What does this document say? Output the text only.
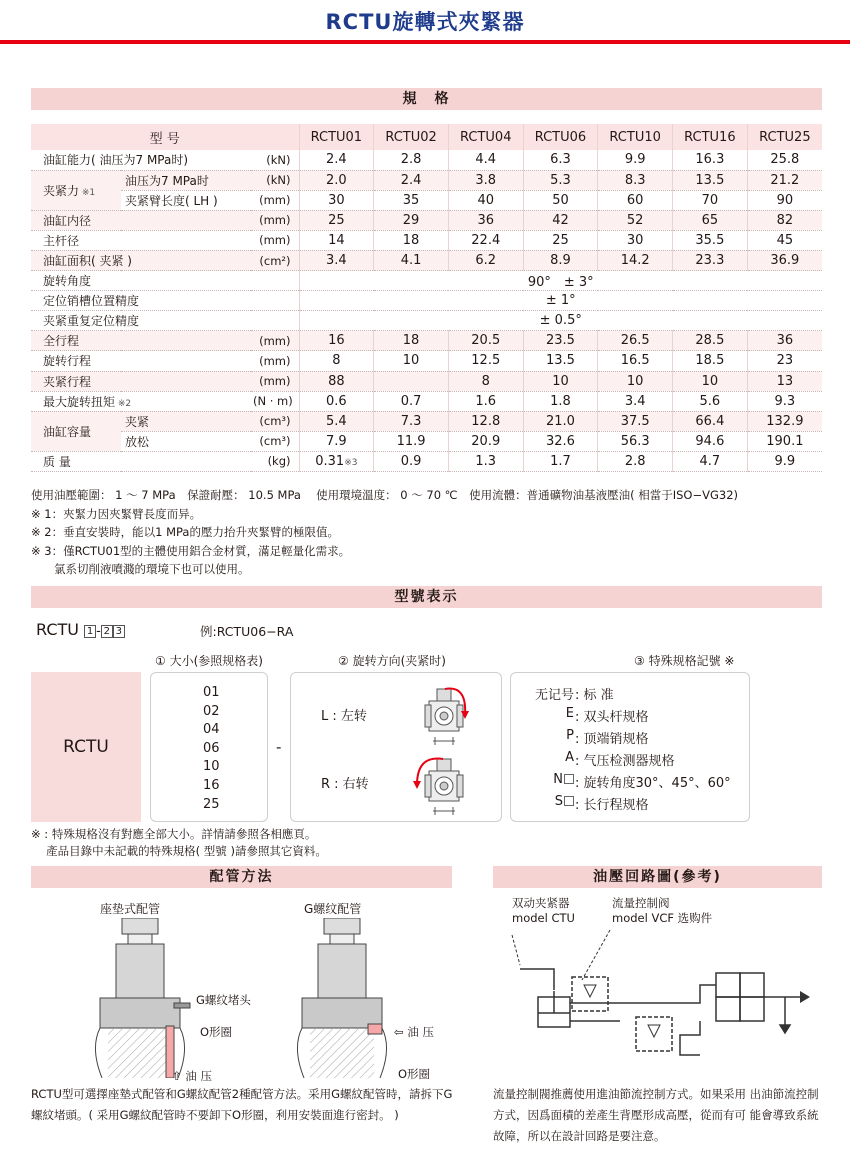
RCTU旋轉式夾緊器
規　格
型 号			RCTU01	RCTU02	RCTU04	RCTU06	RCTU10	RCTU16	RCTU25
油缸能力( 油压为7 MPa时)		(kN)	2.4	2.8	4.4	6.3	9.9	16.3	25.8
夹紧力 ※1	油压为7 MPa时	(kN)	2.0	2.4	3.8	5.3	8.3	13.5	21.2
	夹紧臂长度( LH )	(mm)	30	35	40	50	60	70	90
油缸内径		(mm)	25	29	36	42	52	65	82
主杆径		(mm)	14	18	22.4	25	30	35.5	45
油缸面积( 夹紧 )		(cm²)	3.4	4.1	6.2	8.9	14.2	23.3	36.9
旋转角度			90°　± 3°						
定位销槽位置精度			± 1°						
夹紧重复定位精度			± 0.5°						
全行程		(mm)	16	18	20.5	23.5	26.5	28.5	36
旋转行程		(mm)	8	10	12.5	13.5	16.5	18.5	23
夹紧行程		(mm)	88		8	10	10	10	13
最大旋转扭矩 ※2		(N · m)	0.6	0.7	1.6	1.8	3.4	5.6	9.3
油缸容量	夹紧	(cm³)	5.4	7.3	12.8	21.0	37.5	66.4	132.9
	放松	(cm³)	7.9	11.9	20.9	32.6	56.3	94.6	190.1
质 量		(kg)	0.31※3	0.9	1.3	1.7	2.8	4.7	9.9
使用油壓範圍： 1 ～ 7 MPa　保證耐壓： 10.5 MPa　 使用環境溫度： 0 ～ 70 ℃　使用流體：普通礦物油基液壓油( 相當于ISO−VG32)
※ 1：夾緊力因夾緊臂長度而异。
※ 2：垂直安裝時，能以1 MPa的壓力抬升夾緊臂的極限值。
※ 3：僅RCTU01型的主體使用鋁合金材質，滿足輕量化需求。
　　氯系切削液噴濺的環境下也可以使用。
型號表示
RCTU 1 - 2 3	例:RCTU06−RA
① 大小(参照规格表)	② 旋转方向(夹紧时)	③ 特殊规格記號 ※
RCTU
01
02
04
06
10
16
25
-
L : 左转
R : 右转
无记号 : 标 准
E : 双头杆规格
P : 顶端销规格
A : 气压检测器规格
N : 旋转角度30°、45°、60°
S : 长行程规格
※ : 特殊規格沒有對應全部大小。詳情請參照各相應頁。
　 產品目錄中未記載的特殊規格( 型號 )請參照其它資料。
配管方法	油壓回路圖(參考)
座垫式配管	G螺纹配管
G螺纹堵头
O形圈
⇧ 油 压
⇦ 油 压
O形圈
RCTU型可選擇座墊式配管和G螺紋配管2種配管方法。采用G螺紋配管時，請拆下G
螺紋堵頭。( 采用G螺紋配管時不要卸下O形圈，利用安裝面進行密封。 )
双动夹紧器
model CTU
流量控制阀
model VCF 选购件
流量控制閥推薦使用進油節流控制方式。如果采用 出油節流控制
方式，因爲面積的差產生背壓形成高壓，從而有可 能會導致系統
故障，所以在設計回路是要注意。
